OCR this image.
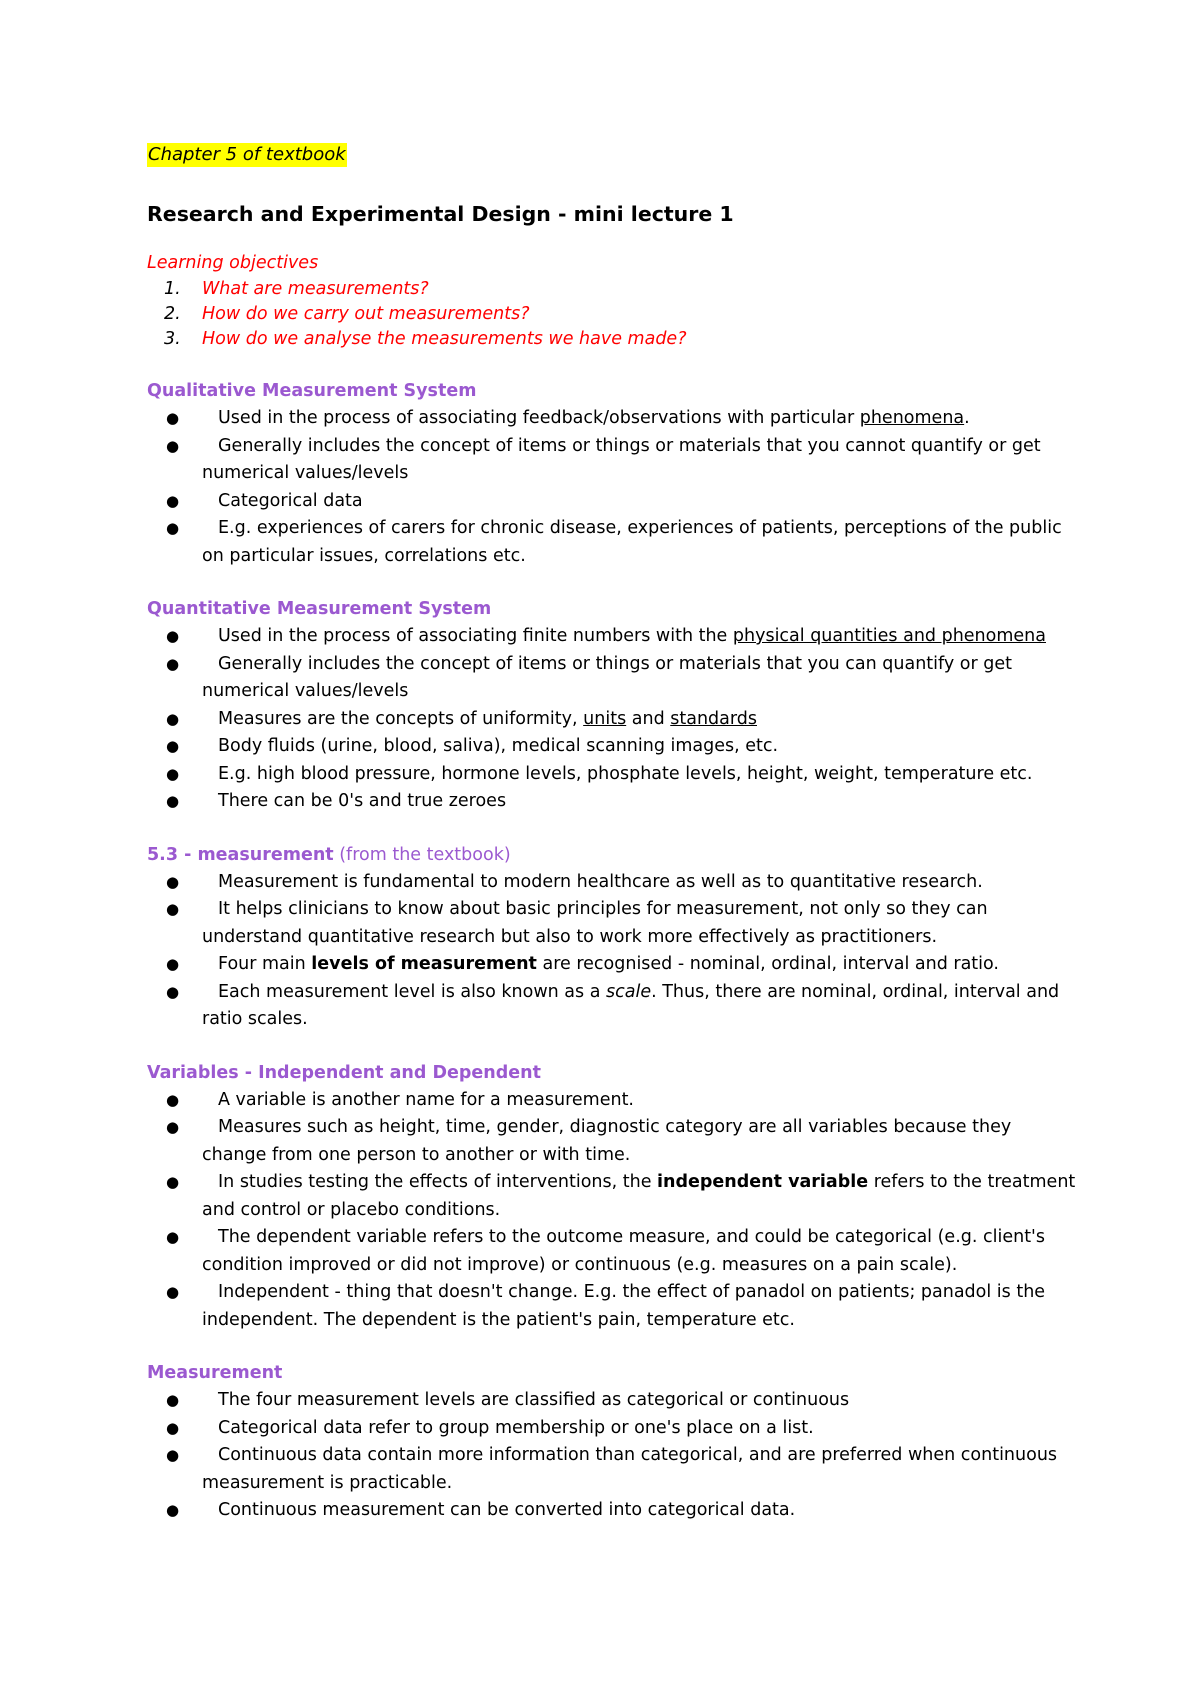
Chapter 5 of textbook
Research and Experimental Design - mini lecture 1
Learning objectives
1. What are measurements?
2. How do we carry out measurements?
3. How do we analyse the measurements we have made?
Qualitative Measurement System
● Used in the process of associating feedback/observations with particular phenomena.
● Generally includes the concept of items or things or materials that you cannot quantify or get numerical values/levels
● Categorical data
● E.g. experiences of carers for chronic disease, experiences of patients, perceptions of the public on particular issues, correlations etc.
Quantitative Measurement System
● Used in the process of associating finite numbers with the physical quantities and phenomena
● Generally includes the concept of items or things or materials that you can quantify or get numerical values/levels
● Measures are the concepts of uniformity, units and standards
● Body fluids (urine, blood, saliva), medical scanning images, etc.
● E.g. high blood pressure, hormone levels, phosphate levels, height, weight, temperature etc.
● There can be 0's and true zeroes
5.3 - measurement (from the textbook)
● Measurement is fundamental to modern healthcare as well as to quantitative research.
● It helps clinicians to know about basic principles for measurement, not only so they can understand quantitative research but also to work more effectively as practitioners.
● Four main levels of measurement are recognised - nominal, ordinal, interval and ratio.
● Each measurement level is also known as a scale. Thus, there are nominal, ordinal, interval and ratio scales.
Variables - Independent and Dependent
● A variable is another name for a measurement.
● Measures such as height, time, gender, diagnostic category are all variables because they change from one person to another or with time.
● In studies testing the effects of interventions, the independent variable refers to the treatment and control or placebo conditions.
● The dependent variable refers to the outcome measure, and could be categorical (e.g. client's condition improved or did not improve) or continuous (e.g. measures on a pain scale).
● Independent - thing that doesn't change. E.g. the effect of panadol on patients; panadol is the independent. The dependent is the patient's pain, temperature etc.
Measurement
● The four measurement levels are classified as categorical or continuous
● Categorical data refer to group membership or one's place on a list.
● Continuous data contain more information than categorical, and are preferred when continuous measurement is practicable.
● Continuous measurement can be converted into categorical data.
